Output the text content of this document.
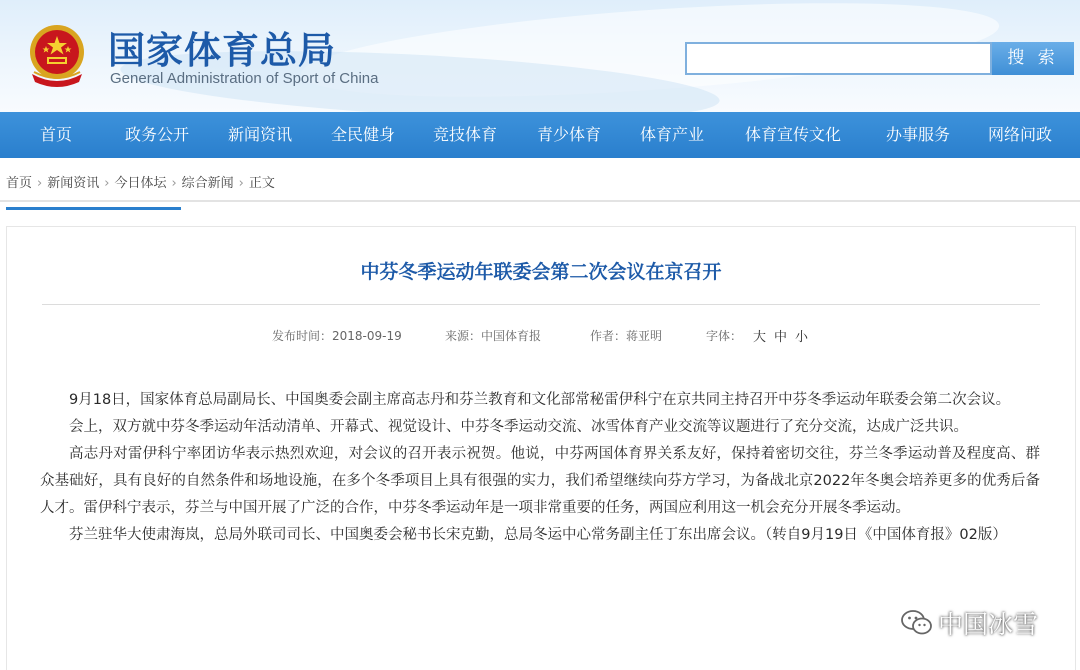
国家体育总局
General Administration of Sport of China
搜 索
首页	政务公开 新闻资讯 全民健身 竞技体育 青少体育 体育产业	体育宣传文化	办事服务 网络问政
首页 › 新闻资讯 › 今日体坛 › 综合新闻 › 正文
中芬冬季运动年联委会第二次会议在京召开
发布时间：2018-09-19	来源：中国体育报	作者：蒋亚明	字体： 大 中 小

9月18日，国家体育总局副局长、中国奥委会副主席高志丹和芬兰教育和文化部常秘雷伊科宁在京共同主持召开中芬冬季运动年联委会第二次会议。

会上，双方就中芬冬季运动年活动清单、开幕式、视觉设计、中芬冬季运动交流、冰雪体育产业交流等议题进行了充分交流，达成广泛共识。

高志丹对雷伊科宁率团访华表示热烈欢迎，对会议的召开表示祝贺。他说，中芬两国体育界关系友好，保持着密切交往，芬兰冬季运动普及程度高、群众基础好，具有良好的自然条件和场地设施，在多个冬季项目上具有很强的实力，我们希望继续向芬方学习，为备战北京2022年冬奥会培养更多的优秀后备人才。雷伊科宁表示，芬兰与中国开展了广泛的合作，中芬冬季运动年是一项非常重要的任务，两国应利用这一机会充分开展冬季运动。

芬兰驻华大使肃海岚，总局外联司司长、中国奥委会秘书长宋克勤，总局冬运中心常务副主任丁东出席会议。（转自9月19日《中国体育报》02版）

中国冰雪
